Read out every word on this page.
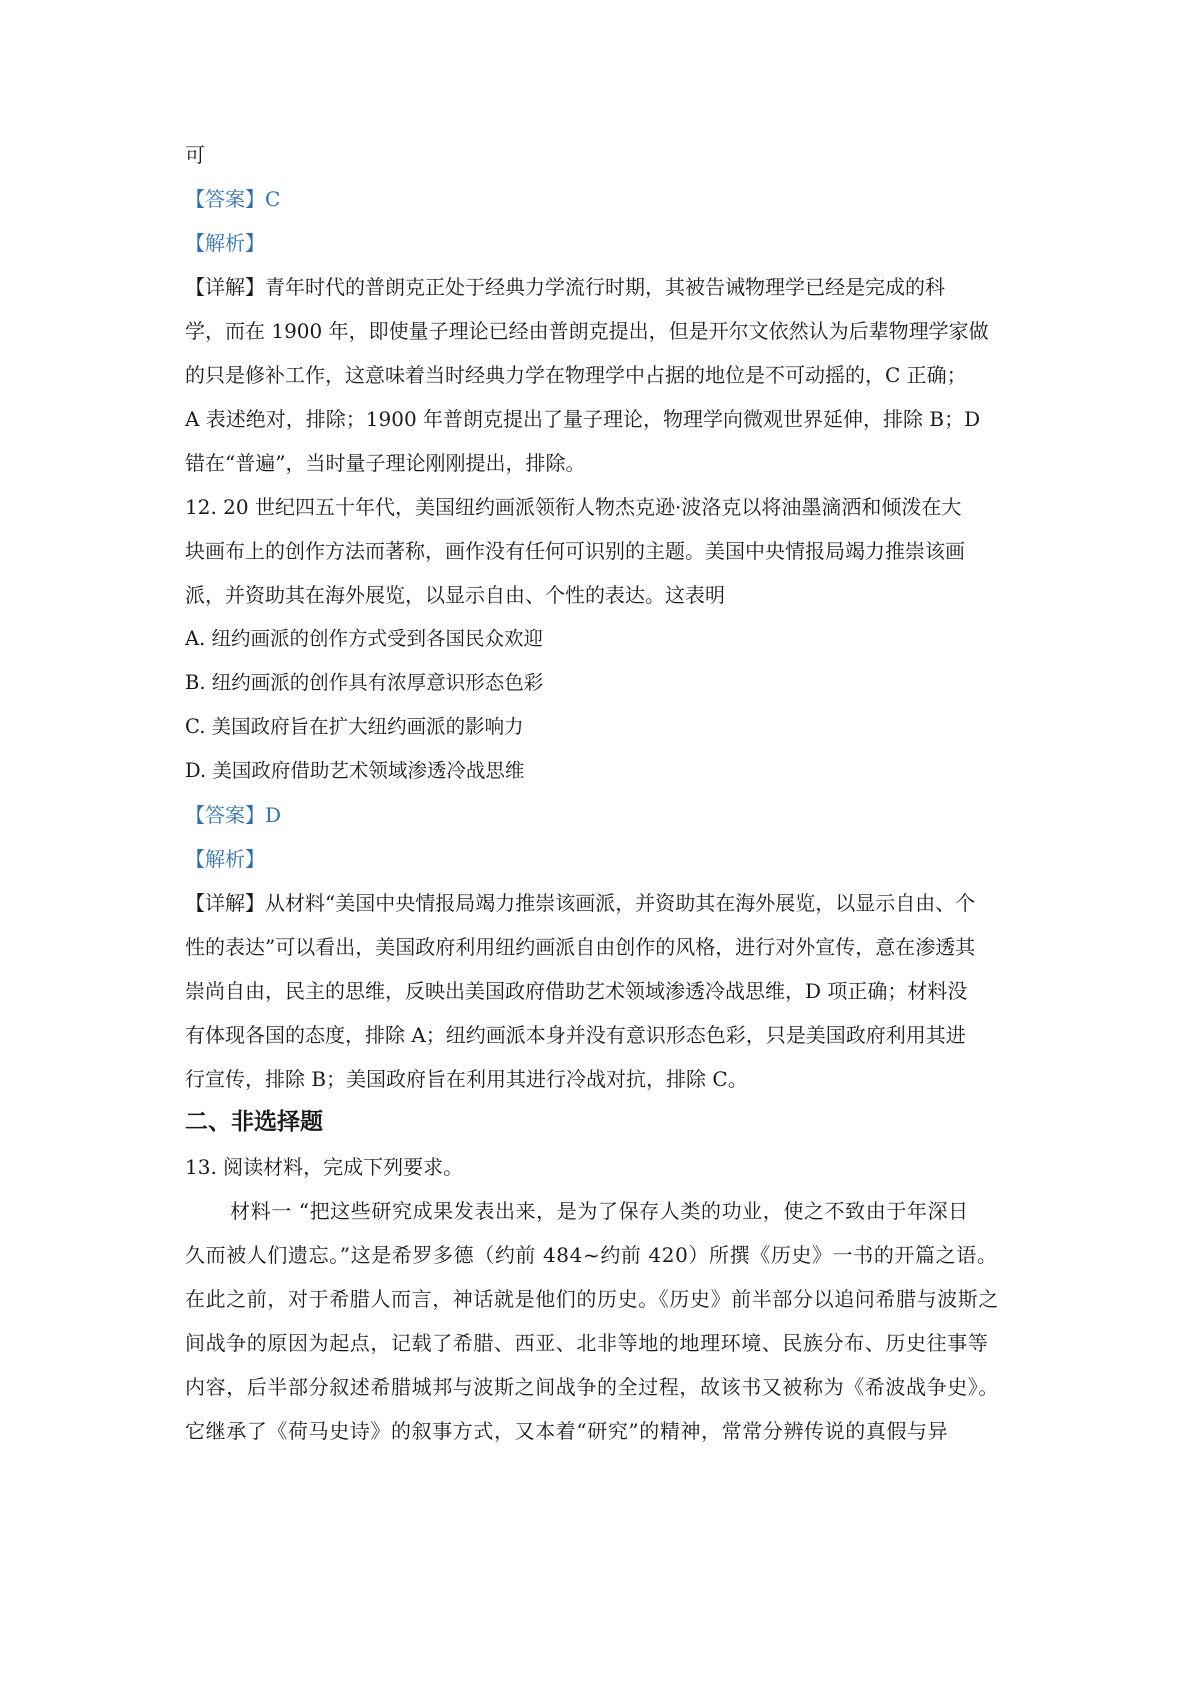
可
【答案】C
【解析】
【详解】青年时代的普朗克正处于经典力学流行时期，其被告诫物理学已经是完成的科
学，而在 1900 年，即使量子理论已经由普朗克提出，但是开尔文依然认为后辈物理学家做
的只是修补工作，这意味着当时经典力学在物理学中占据的地位是不可动摇的，C 正确；
A 表述绝对，排除；1900 年普朗克提出了量子理论，物理学向微观世界延伸，排除 B；D
错在“普遍”，当时量子理论刚刚提出，排除。
12. 20 世纪四五十年代，美国纽约画派领衔人物杰克逊·波洛克以将油墨滴洒和倾泼在大
块画布上的创作方法而著称，画作没有任何可识别的主题。美国中央情报局竭力推崇该画
派，并资助其在海外展览，以显示自由、个性的表达。这表明
A. 纽约画派的创作方式受到各国民众欢迎
B. 纽约画派的创作具有浓厚意识形态色彩
C. 美国政府旨在扩大纽约画派的影响力
D. 美国政府借助艺术领域渗透冷战思维
【答案】D
【解析】
【详解】从材料“美国中央情报局竭力推崇该画派，并资助其在海外展览，以显示自由、个
性的表达”可以看出，美国政府利用纽约画派自由创作的风格，进行对外宣传，意在渗透其
崇尚自由，民主的思维，反映出美国政府借助艺术领域渗透冷战思维，D 项正确；材料没
有体现各国的态度，排除 A；纽约画派本身并没有意识形态色彩，只是美国政府利用其进
行宣传，排除 B；美国政府旨在利用其进行冷战对抗，排除 C。
二、非选择题
13. 阅读材料，完成下列要求。
材料一 “把这些研究成果发表出来，是为了保存人类的功业，使之不致由于年深日
久而被人们遗忘。”这是希罗多德（约前 484~约前 420）所撰《历史》一书的开篇之语。
在此之前，对于希腊人而言，神话就是他们的历史。《历史》前半部分以追问希腊与波斯之
间战争的原因为起点，记载了希腊、西亚、北非等地的地理环境、民族分布、历史往事等
内容，后半部分叙述希腊城邦与波斯之间战争的全过程，故该书又被称为《希波战争史》。
它继承了《荷马史诗》的叙事方式，又本着“研究”的精神，常常分辨传说的真假与异
